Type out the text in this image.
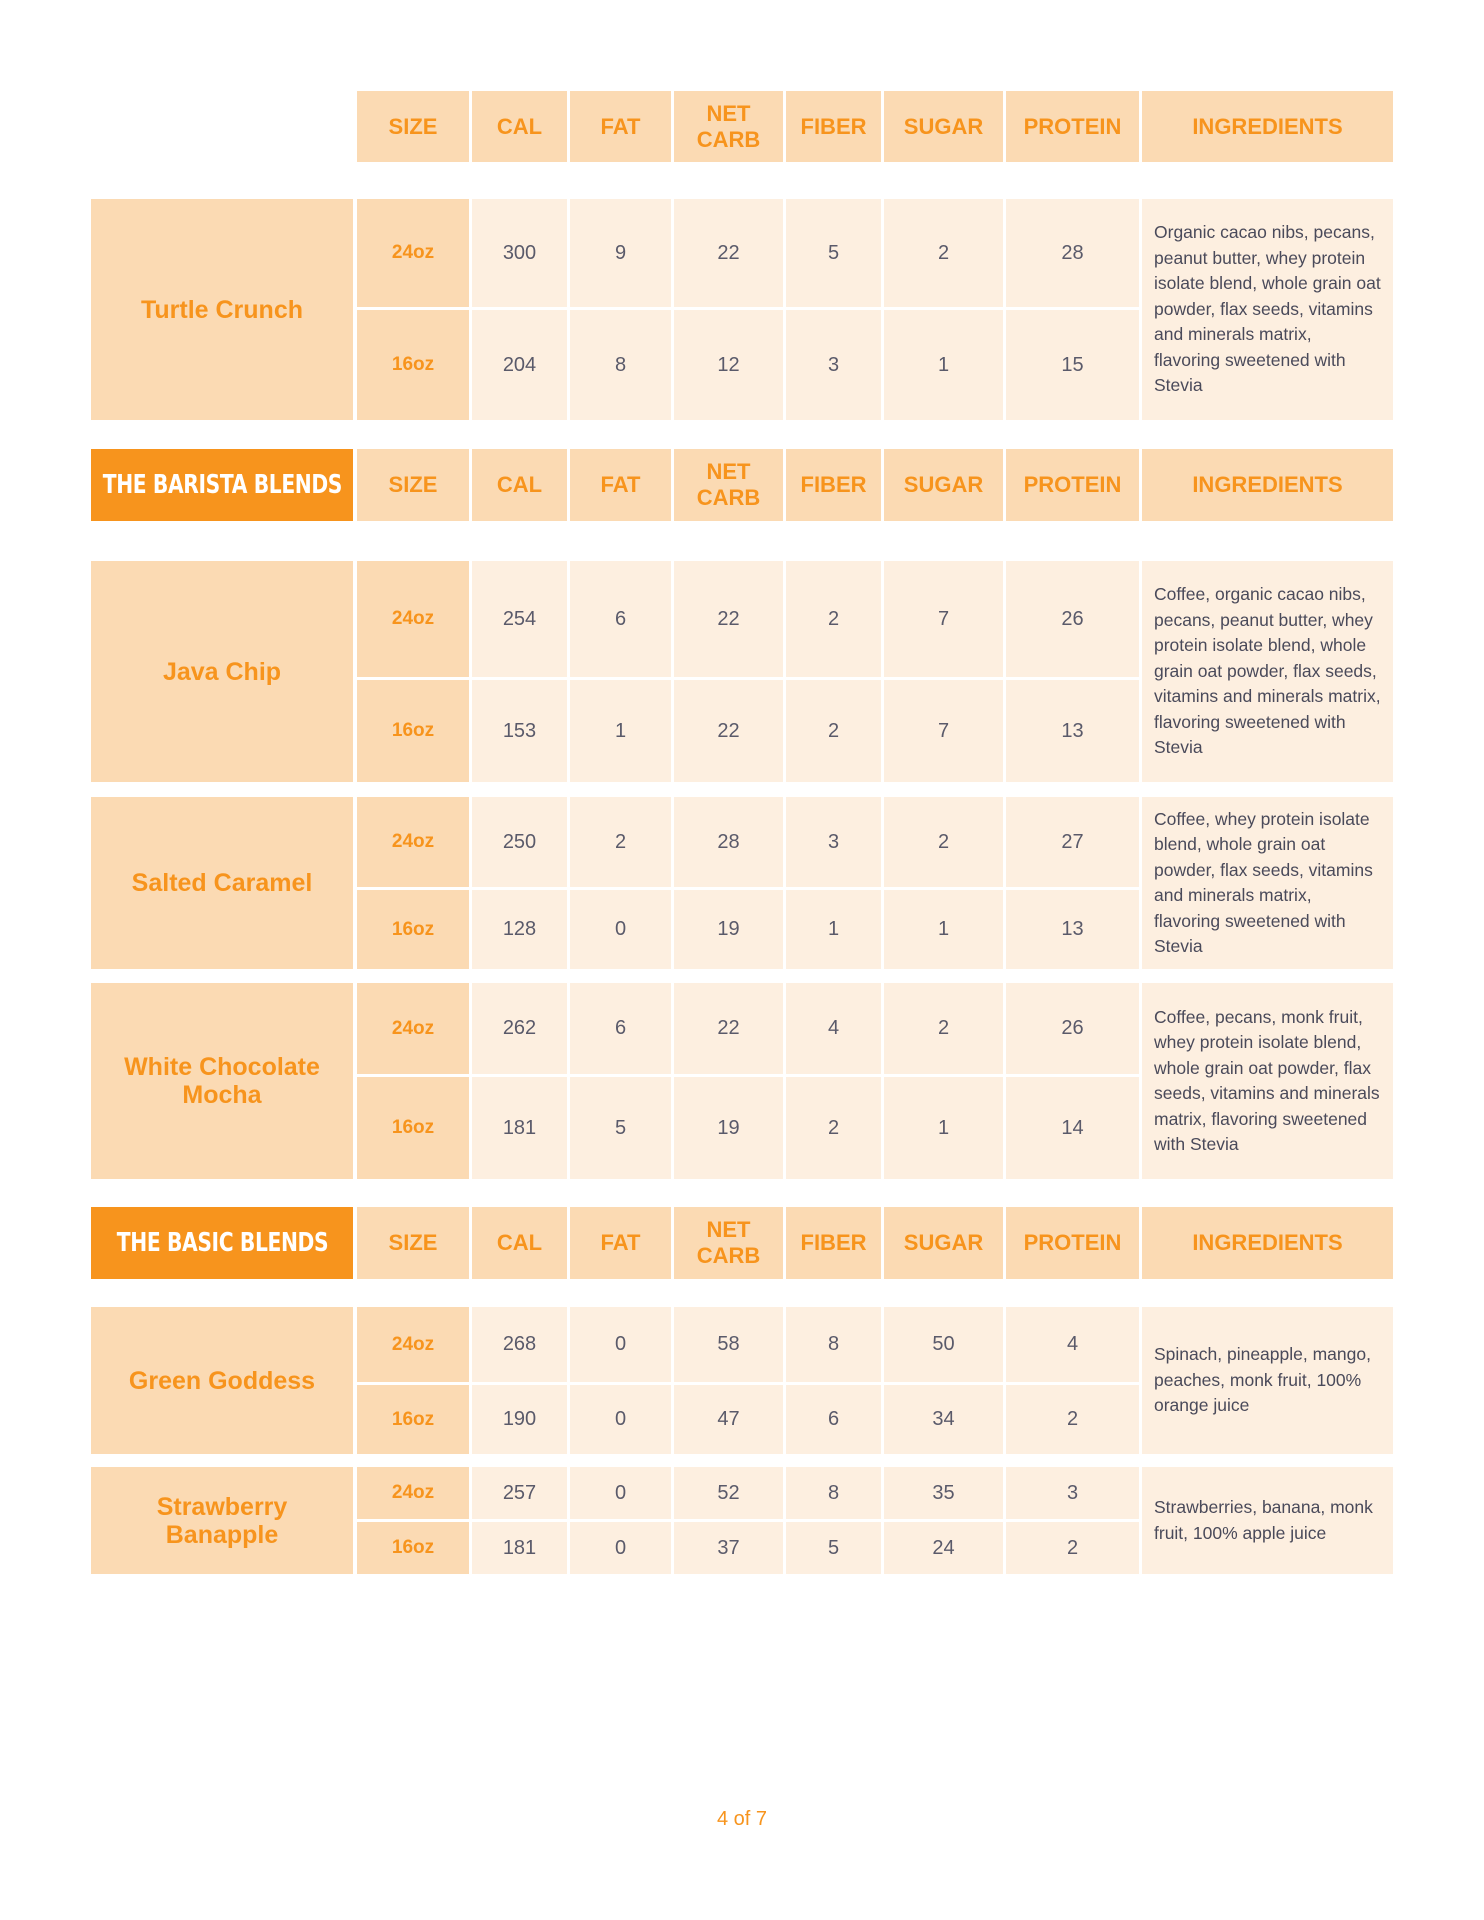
SIZE	CAL	FAT
NET CARB
FIBER	SUGAR	PROTEIN	INGREDIENTS
Turtle Crunch
24oz	300	9	22	5	2	28
16oz	204	8	12	3	1	15
Organic cacao nibs, pecans, peanut butter, whey protein isolate blend, whole grain oat powder, flax seeds, vitamins and minerals matrix, flavoring sweetened with Stevia
THE BARISTA BLENDS	SIZE	CAL	FAT
NET CARB
FIBER	SUGAR	PROTEIN	INGREDIENTS
Java Chip
24oz	254	6	22	2	7	26
16oz	153	1	22	2	7	13
Coffee, organic cacao nibs, pecans, peanut butter, whey protein isolate blend, whole grain oat powder, flax seeds, vitamins and minerals matrix, flavoring sweetened with Stevia
Salted Caramel
24oz	250	2	28	3	2	27
16oz	128	0	19	1	1	13
Coffee, whey protein isolate blend, whole grain oat powder, flax seeds, vitamins and minerals matrix, flavoring sweetened with Stevia
White Chocolate Mocha
24oz	262	6	22	4	2	26
16oz	181	5	19	2	1	14
Coffee, pecans, monk fruit, whey protein isolate blend, whole grain oat powder, flax seeds, vitamins and minerals matrix, flavoring sweetened with Stevia
THE BASIC BLENDS	SIZE	CAL	FAT
NET CARB
FIBER	SUGAR	PROTEIN	INGREDIENTS
Green Goddess
24oz	268	0	58	8	50	4
16oz	190	0	47	6	34	2
Spinach, pineapple, mango, peaches, monk fruit, 100% orange juice
Strawberry Banapple
24oz	257	0	52	8	35	3
16oz	181	0	37	5	24	2
Strawberries, banana, monk fruit, 100% apple juice
4 of 7
